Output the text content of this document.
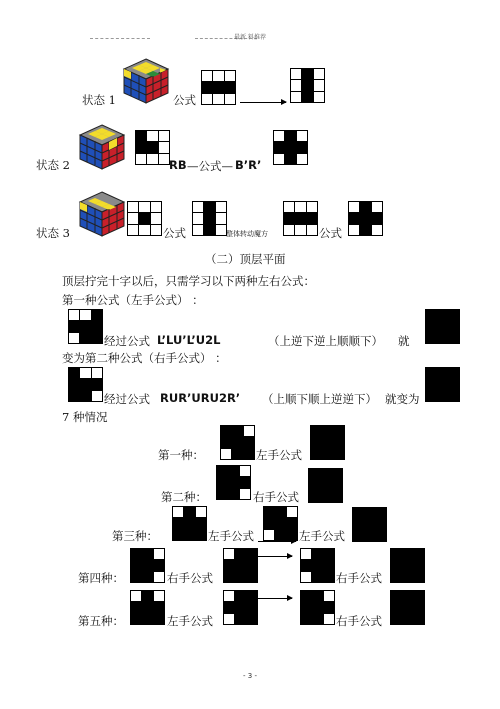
最新 料推荐
状态 1	公式
状态 2	RB —公式— B’R’
状态 3	公式	整体转动魔方	公式
（二）顶层平面
顶层拧完十字以后，只需学习以下两种左右公式：
第一种公式（左手公式） ：
经过公式 L’LU’L’U2L	（上逆下逆上顺顺下） 就
变为第二种公式（右手公式） ：
经过公式 RUR’URU2R’ （上顺下顺上逆逆下） 就变为
7 种情况
第一种：	左手公式
第二种：	右手公式
第三种：	左手公式	左手公式
第四种：	右手公式	右手公式
第五种：	左手公式	右手公式
- 3 -
